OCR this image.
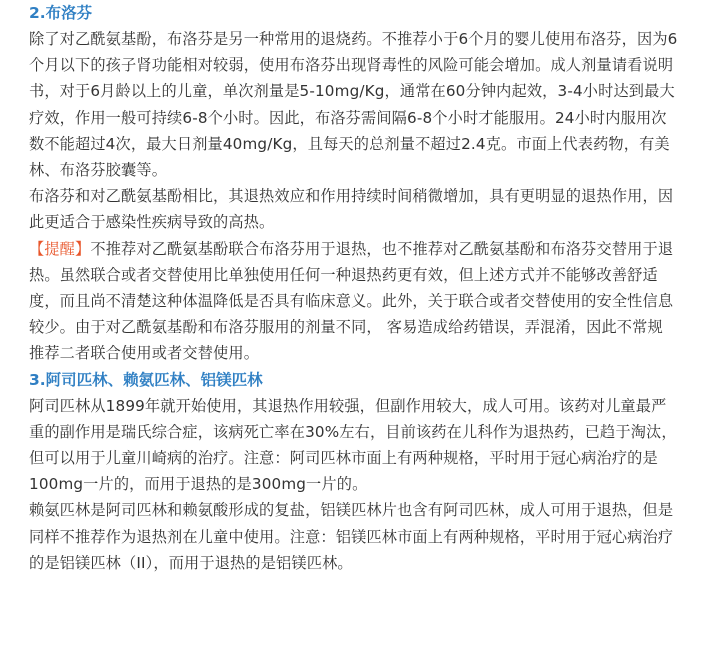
2.布洛芬
除了对乙酰氨基酚，布洛芬是另一种常用的退烧药。不推荐小于6个月的婴儿使用布洛芬，因为6
个月以下的孩子肾功能相对较弱，使用布洛芬出现肾毒性的风险可能会增加。成人剂量请看说明
书，对于6月龄以上的儿童，单次剂量是5-10mg/Kg，通常在60分钟内起效，3-4小时达到最大
疗效，作用一般可持续6-8个小时。因此，布洛芬需间隔6-8个小时才能服用。24小时内服用次
数不能超过4次，最大日剂量40mg/Kg，且每天的总剂量不超过2.4克。市面上代表药物，有美
林、布洛芬胶囊等。
布洛芬和对乙酰氨基酚相比，其退热效应和作用持续时间稍微增加，具有更明显的退热作用，因
此更适合于感染性疾病导致的高热。
【提醒】不推荐对乙酰氨基酚联合布洛芬用于退热，也不推荐对乙酰氨基酚和布洛芬交替用于退
热。虽然联合或者交替使用比单独使用任何一种退热药更有效，但上述方式并不能够改善舒适
度，而且尚不清楚这种体温降低是否具有临床意义。此外，关于联合或者交替使用的安全性信息
较少。由于对乙酰氨基酚和布洛芬服用的剂量不同， 客易造成给药错误，弄混淆，因此不常规
推荐二者联合使用或者交替使用。
3.阿司匹林、赖氨匹林、铝镁匹林
阿司匹林从1899年就开始使用，其退热作用较强，但副作用较大，成人可用。该药对儿童最严
重的副作用是瑞氏综合症，该病死亡率在30%左右，目前该药在儿科作为退热药，已趋于淘汰，
但可以用于儿童川崎病的治疗。注意：阿司匹林市面上有两种规格，平时用于冠心病治疗的是
100mg一片的，而用于退热的是300mg一片的。
赖氨匹林是阿司匹林和赖氨酸形成的复盐，铝镁匹林片也含有阿司匹林，成人可用于退热，但是
同样不推荐作为退热剂在儿童中使用。注意：铝镁匹林市面上有两种规格，平时用于冠心病治疗
的是铝镁匹林（II），而用于退热的是铝镁匹林。
